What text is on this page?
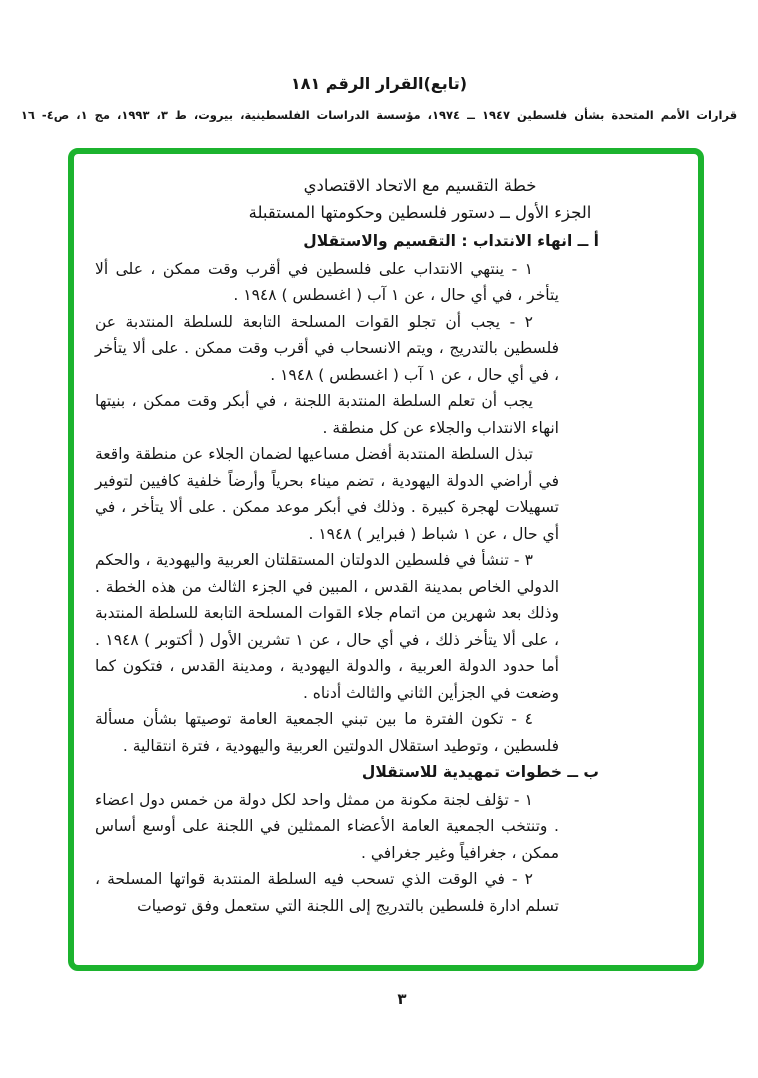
(تابع)القرار الرقم ١٨١
قرارات الأمم المتحدة بشأن فلسطين ١٩٤٧ ــ ١٩٧٤، مؤسسة الدراسات الفلسطينية، بيروت، ط ٣، ١٩٩٣، مج ١، ص٤- ١٦
خطة التقسيم مع الاتحاد الاقتصادي
الجزء الأول ــ دستور فلسطين وحكومتها المستقبلة
أ ــ انهاء الانتداب : التقسيم والاستقلال

١ - ينتهي الانتداب على فلسطين في أقرب وقت ممكن ، على ألا يتأخر ، في أي حال ، عن ١ آب ( اغسطس ) ١٩٤٨ .

٢ - يجب أن تجلو القوات المسلحة التابعة للسلطة المنتدبة عن فلسطين بالتدريج ، ويتم الانسحاب في أقرب وقت ممكن . على ألا يتأخر ، في أي حال ، عن ١ آب ( اغسطس ) ١٩٤٨ .

يجب أن تعلم السلطة المنتدبة اللجنة ، في أبكر وقت ممكن ، بنيتها انهاء الانتداب والجلاء عن كل منطقة .

تبذل السلطة المنتدبة أفضل مساعيها لضمان الجلاء عن منطقة واقعة في أراضي الدولة اليهودية ، تضم ميناء بحرياً وأرضاً خلفية كافيين لتوفير تسهيلات لهجرة كبيرة . وذلك في أبكر موعد ممكن . على ألا يتأخر ، في أي حال ، عن ١ شباط ( فبراير ) ١٩٤٨ .

٣ - تنشأ في فلسطين الدولتان المستقلتان العربية واليهودية ، والحكم الدولي الخاص بمدينة القدس ، المبين في الجزء الثالث من هذه الخطة . وذلك بعد شهرين من اتمام جلاء القوات المسلحة التابعة للسلطة المنتدبة ، على ألا يتأخر ذلك ، في أي حال ، عن ١ تشرين الأول ( أكتوبر ) ١٩٤٨ . أما حدود الدولة العربية ، والدولة اليهودية ، ومدينة القدس ، فتكون كما وضعت في الجزأين الثاني والثالث أدناه .

٤ - تكون الفترة ما بين تبني الجمعية العامة توصيتها بشأن مسألة فلسطين ، وتوطيد استقلال الدولتين العربية واليهودية ، فترة انتقالية .

ب ــ خطوات تمهيدية للاستقلال

١ - تؤلف لجنة مكونة من ممثل واحد لكل دولة من خمس دول اعضاء . وتنتخب الجمعية العامة الأعضاء الممثلين في اللجنة على أوسع أساس ممكن ، جغرافياً وغير جغرافي .

٢ - في الوقت الذي تسحب فيه السلطة المنتدبة قواتها المسلحة ، تسلم ادارة فلسطين بالتدريج إلى اللجنة التي ستعمل وفق توصيات

٣
